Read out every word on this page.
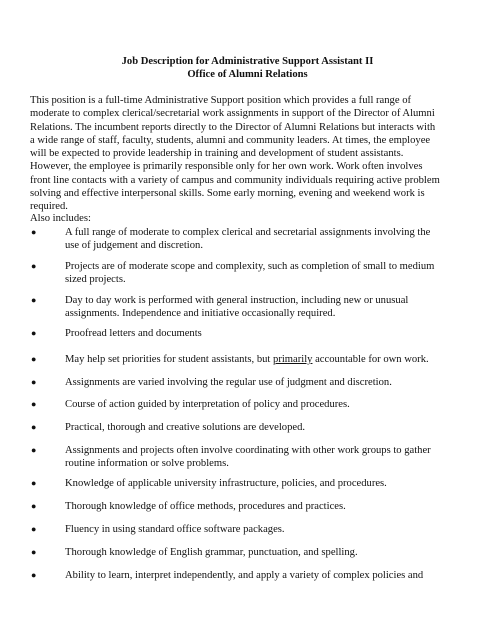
Job Description for Administrative Support Assistant II
Office of Alumni Relations
This position is a full-time Administrative Support position which provides a full range of
moderate to complex clerical/secretarial work assignments in support of the Director of Alumni
Relations. The incumbent reports directly to the Director of Alumni Relations but interacts with
a wide range of staff, faculty, students, alumni and community leaders. At times, the employee
will be expected to provide leadership in training and development of student assistants.
However, the employee is primarily responsible only for her own work. Work often involves
front line contacts with a variety of campus and community individuals requiring active problem
solving and effective interpersonal skills. Some early morning, evening and weekend work is
required.
Also includes:
●	A full range of moderate to complex clerical and secretarial assignments involving the
use of judgement and discretion.
●	Projects are of moderate scope and complexity, such as completion of small to medium
sized projects.
●	Day to day work is performed with general instruction, including new or unusual
assignments. Independence and initiative occasionally required.
●	Proofread letters and documents
●	May help set priorities for student assistants, but primarily accountable for own work.
●	Assignments are varied involving the regular use of judgment and discretion.
●	Course of action guided by interpretation of policy and procedures.
●	Practical, thorough and creative solutions are developed.
●	Assignments and projects often involve coordinating with other work groups to gather
routine information or solve problems.
●	Knowledge of applicable university infrastructure, policies, and procedures.
●	Thorough knowledge of office methods, procedures and practices.
●	Fluency in using standard office software packages.
●	Thorough knowledge of English grammar, punctuation, and spelling.
●	Ability to learn, interpret independently, and apply a variety of complex policies and
